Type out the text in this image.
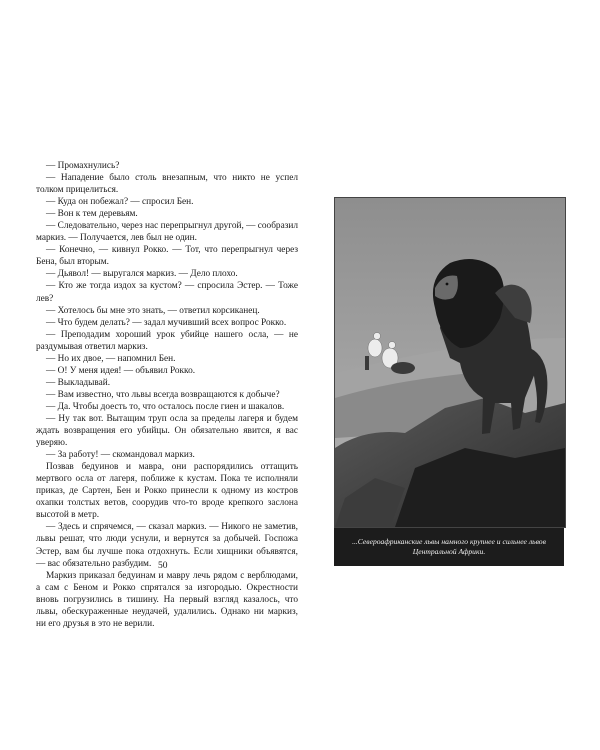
— Промахнулись?

— Нападение было столь внезапным, что никто не успел толком прицелиться.

— Куда он побежал? — спросил Бен.

— Вон к тем деревьям.

— Следовательно, через нас перепрыгнул другой, — сообразил маркиз. — Получается, лев был не один.

— Конечно, — кивнул Рокко. — Тот, что перепрыгнул через Бена, был вторым.

— Дьявол! — выругался маркиз. — Дело плохо.

— Кто же тогда издох за кустом? — спросила Эстер. — Тоже лев?

— Хотелось бы мне это знать, — ответил корсиканец.

— Что будем делать? — задал мучивший всех вопрос Рокко.

— Преподадим хороший урок убийце нашего осла, — не раздумывая ответил маркиз.

— Но их двое, — напомнил Бен.

— О! У меня идея! — объявил Рокко.

— Выкладывай.

— Вам известно, что львы всегда возвращаются к добыче?

— Да. Чтобы доесть то, что осталось после гиен и шакалов.

— Ну так вот. Вытащим труп осла за пределы лагеря и будем ждать возвращения его убийцы. Он обязательно явится, я вас уверяю.

— За работу! — скомандовал маркиз.

Позвав бедуинов и мавра, они распорядились оттащить мертвого осла от лагеря, поближе к кустам. Пока те исполняли приказ, де Сартен, Бен и Рокко принесли к одному из костров охапки толстых ветов, соорудив что-то вроде крепкого заслона высотой в метр.

— Здесь и спрячемся, — сказал маркиз. — Никого не заметив, львы решат, что люди уснули, и вернутся за добычей. Госпожа Эстер, вам бы лучше пока отдохнуть. Если хищники объявятся, — вас обязательно разбудим.

Маркиз приказал бедуинам и мавру лечь рядом с верблюдами, а сам с Беном и Рокко спрятался за изгородью. Окрестности вновь погрузились в тишину. На первый взгляд казалось, что львы, обескураженные неудачей, удалились. Однако ни маркиз, ни его друзья в это не верили.

50
...Североафриканские львы намного крупнее и сильнее львов Центральной Африки.
